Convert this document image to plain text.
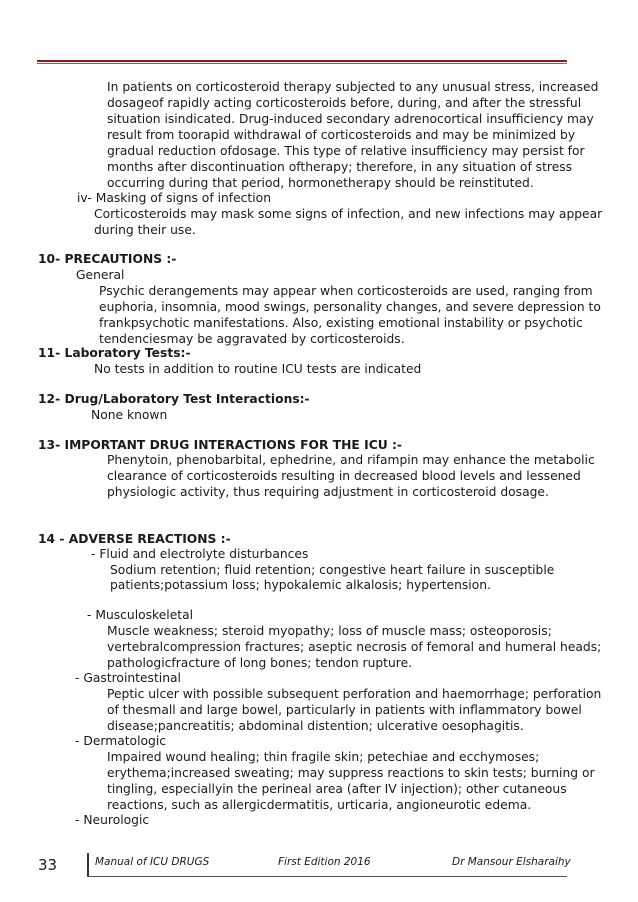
In patients on corticosteroid therapy subjected to any unusual stress, increased
dosageof rapidly acting corticosteroids before, during, and after the stressful
situation isindicated. Drug-induced secondary adrenocortical insufficiency may
result from toorapid withdrawal of corticosteroids and may be minimized by
gradual reduction ofdosage. This type of relative insufficiency may persist for
months after discontinuation oftherapy; therefore, in any situation of stress
occurring during that period, hormonetherapy should be reinstituted.
iv- Masking of signs of infection
Corticosteroids may mask some signs of infection, and new infections may appear
during their use.
10- PRECAUTIONS :-
General
Psychic derangements may appear when corticosteroids are used, ranging from
euphoria, insomnia, mood swings, personality changes, and severe depression to
frankpsychotic manifestations. Also, existing emotional instability or psychotic
tendenciesmay be aggravated by corticosteroids.
11- Laboratory Tests:-
No tests in addition to routine ICU tests are indicated
12- Drug/Laboratory Test Interactions:-
None known
13- IMPORTANT DRUG INTERACTIONS FOR THE ICU :-
Phenytoin, phenobarbital, ephedrine, and rifampin may enhance the metabolic
clearance of corticosteroids resulting in decreased blood levels and lessened
physiologic activity, thus requiring adjustment in corticosteroid dosage.
14 - ADVERSE REACTIONS :-
- Fluid and electrolyte disturbances
Sodium retention; fluid retention; congestive heart failure in susceptible
patients;potassium loss; hypokalemic alkalosis; hypertension.
- Musculoskeletal
Muscle weakness; steroid myopathy; loss of muscle mass; osteoporosis;
vertebralcompression fractures; aseptic necrosis of femoral and humeral heads;
pathologicfracture of long bones; tendon rupture.
- Gastrointestinal
Peptic ulcer with possible subsequent perforation and haemorrhage; perforation
of thesmall and large bowel, particularly in patients with inflammatory bowel
disease;pancreatitis; abdominal distention; ulcerative oesophagitis.
- Dermatologic
Impaired wound healing; thin fragile skin; petechiae and ecchymoses;
erythema;increased sweating; may suppress reactions to skin tests; burning or
tingling, especiallyin the perineal area (after IV injection); other cutaneous
reactions, such as allergicdermatitis, urticaria, angioneurotic edema.
- Neurologic
33	Manual of ICU DRUGS	First Edition 2016	Dr Mansour Elsharaihy
